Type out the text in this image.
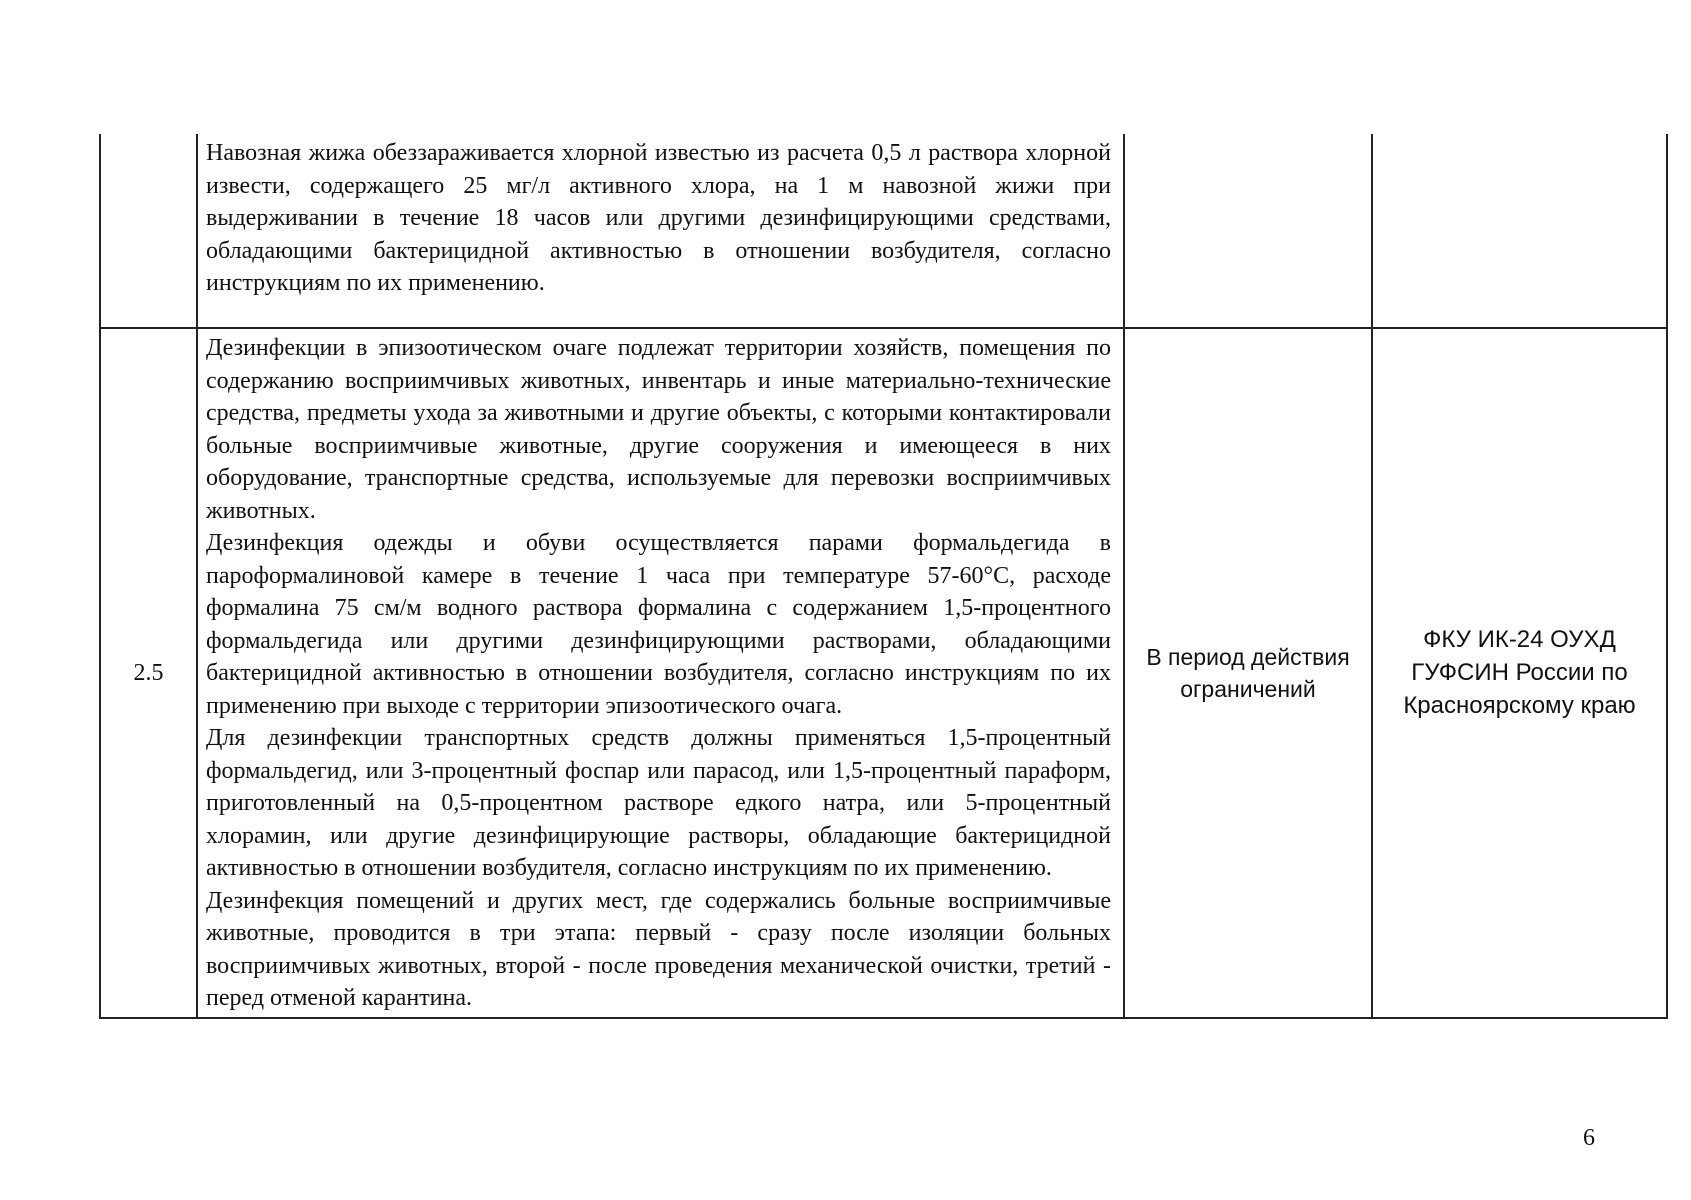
	Навозная жижа обеззараживается хлорной известью из расчета 0,5 л раствора хлорной извести, содержащего 25 мг/л активного хлора, на 1 м навозной жижи при выдерживании в течение 18 часов или другими дезинфицирующими средствами, обладающими бактерицидной активностью в отношении возбудителя, согласно инструкциям по их применению.		

2.5	Дезинфекции в эпизоотическом очаге подлежат территории хозяйств, помещения по содержанию восприимчивых животных, инвентарь и иные материально-технические средства, предметы ухода за животными и другие объекты, с которыми контактировали больные восприимчивые животные, другие сооружения и имеющееся в них оборудование, транспортные средства, используемые для перевозки восприимчивых животных.

Дезинфекция одежды и обуви осуществляется парами формальдегида в пароформалиновой камере в течение 1 часа при температуре 57-60°С, расходе формалина 75 см/м водного раствора формалина с содержанием 1,5-процентного формальдегида или другими дезинфицирующими растворами, обладающими бактерицидной активностью в отношении возбудителя, согласно инструкциям по их применению при выходе с территории эпизоотического очага.

Для дезинфекции транспортных средств должны применяться 1,5-процентный формальдегид, или 3-процентный фоспар или парасод, или 1,5-процентный параформ, приготовленный на 0,5-процентном растворе едкого натра, или 5-процентный хлорамин, или другие дезинфицирующие растворы, обладающие бактерицидной активностью в отношении возбудителя, согласно инструкциям по их применению.

Дезинфекция помещений и других мест, где содержались больные восприимчивые животные, проводится в три этапа: первый - сразу после изоляции больных восприимчивых животных, второй - после проведения механической очистки, третий - перед отменой карантина.	В период действия ограничений	ФКУ ИК-24 ОУХД ГУФСИН России по Красноярскому краю
6
